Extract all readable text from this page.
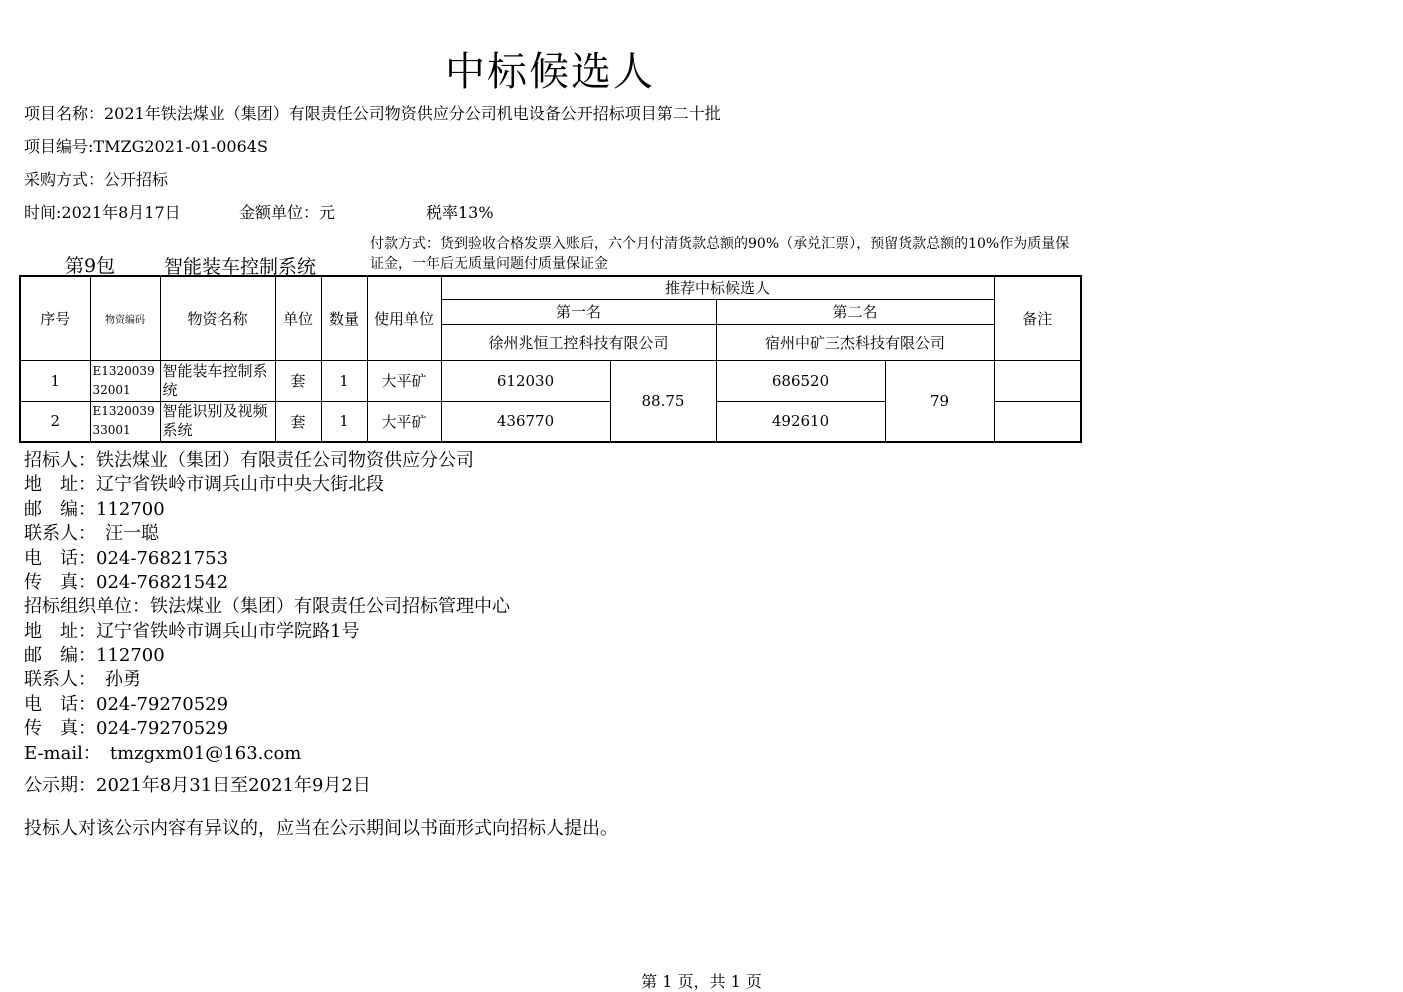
中标候选人
项目名称：2021年铁法煤业（集团）有限责任公司物资供应分公司机电设备公开招标项目第二十批
项目编号:TMZG2021-01-0064S
采购方式：公开招标
时间:2021年8月17日	金额单位：元	税率13%
第9包	智能装车控制系统
付款方式：货到验收合格发票入账后，六个月付清货款总额的90%（承兑汇票），预留货款总额的10%作为质量保证金，一年后无质量问题付质量保证金
序号	物资编码	物资名称	单位	数量	使用单位	推荐中标候选人				备注
						第一名		第二名		
						徐州兆恒工控科技有限公司		宿州中矿三杰科技有限公司		
1	E132003932001	智能装车控制系统	套	1	大平矿	612030	88.75	686520	79	
2	E132003933001	智能识别及视频系统	套	1	大平矿	436770		492610		
招标人：铁法煤业（集团）有限责任公司物资供应分公司
地　址：辽宁省铁岭市调兵山市中央大街北段
邮　编：112700
联系人：　汪一聪
电　话：024-76821753
传　真：024-76821542
招标组织单位：铁法煤业（集团）有限责任公司招标管理中心
地　址：辽宁省铁岭市调兵山市学院路1号
邮　编：112700
联系人：　孙勇
电　话：024-79270529
传　真：024-79270529
E-mail：　tmzgxm01@163.com
公示期：2021年8月31日至2021年9月2日
投标人对该公示内容有异议的，应当在公示期间以书面形式向招标人提出。
第 1 页，共 1 页
